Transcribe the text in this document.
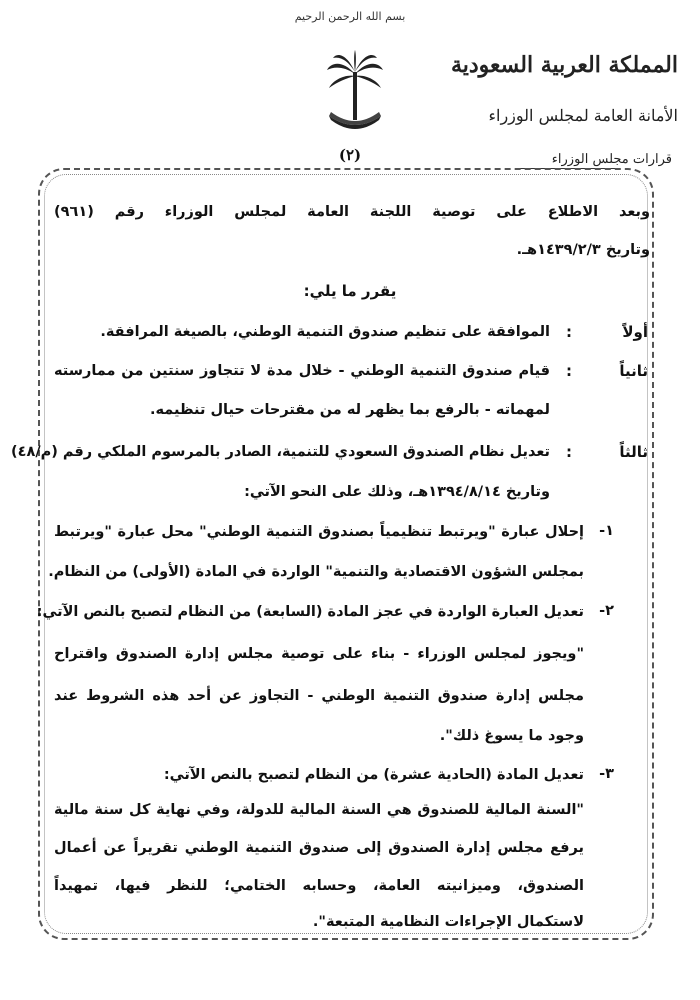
بسم الله الرحمن الرحيم
المملكة العربية السعودية
الأمانة العامة لمجلس الوزراء
قرارات مجلس الوزراء
(٢)
وبعد الاطلاع على توصية اللجنة العامة لمجلس الوزراء رقم (٩٦١)
وتاريخ ١٤٣٩/٢/٣هـ.
يقرر ما يلي:
أولاً
:
الموافقة على تنظيم صندوق التنمية الوطني، بالصيغة المرافقة.
ثانياً
:
قيام صندوق التنمية الوطني - خلال مدة لا تتجاوز سنتين من ممارسته
لمهماته - بالرفع بما يظهر له من مقترحات حيال تنظيمه.
ثالثاً
:
تعديل نظام الصندوق السعودي للتنمية، الصادر بالمرسوم الملكي رقم (م/٤٨)
وتاريخ ١٣٩٤/٨/١٤هـ، وذلك على النحو الآتي:
١-
إحلال عبارة "ويرتبط تنظيمياً بصندوق التنمية الوطني" محل عبارة "ويرتبط
بمجلس الشؤون الاقتصادية والتنمية" الواردة في المادة (الأولى) من النظام.
٢-
تعديل العبارة الواردة في عجز المادة (السابعة) من النظام لتصبح بالنص الآتي:
"ويجوز لمجلس الوزراء - بناء على توصية مجلس إدارة الصندوق واقتراح
مجلس إدارة صندوق التنمية الوطني - التجاوز عن أحد هذه الشروط عند
وجود ما يسوغ ذلك".
٣-
تعديل المادة (الحادية عشرة) من النظام لتصبح بالنص الآتي:
"السنة المالية للصندوق هي السنة المالية للدولة، وفي نهاية كل سنة مالية
يرفع مجلس إدارة الصندوق إلى صندوق التنمية الوطني تقريراً عن أعمال
الصندوق، وميزانيته العامة، وحسابه الختامي؛ للنظر فيها، تمهيداً
لاستكمال الإجراءات النظامية المتبعة".
